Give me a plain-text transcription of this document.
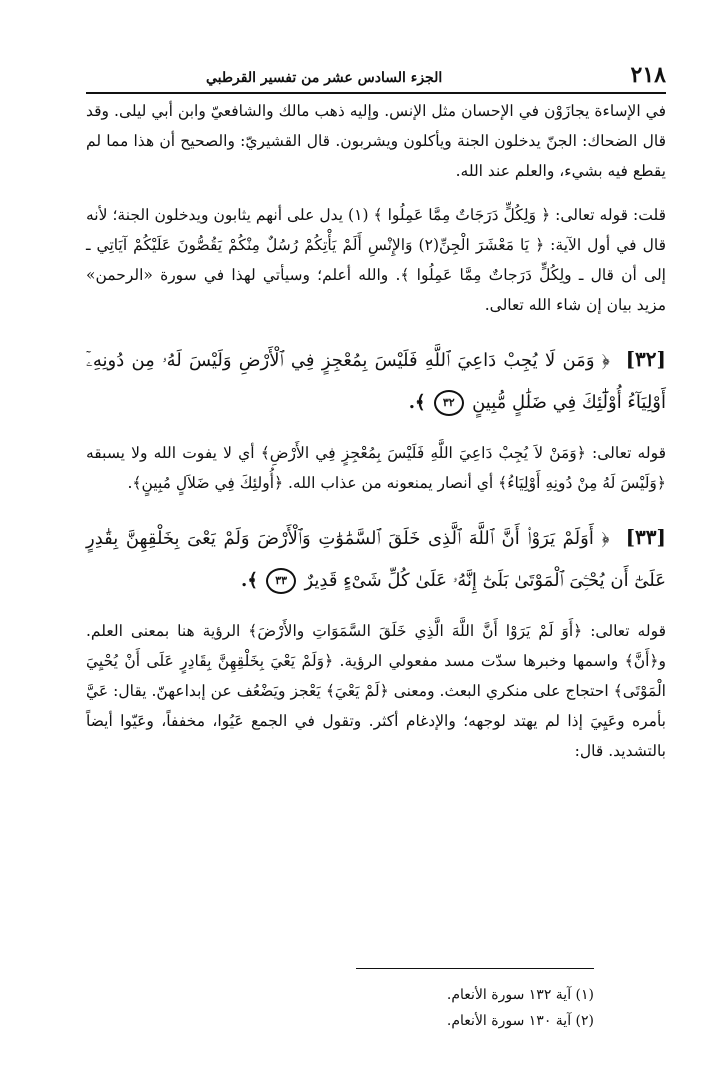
٢١٨
الجزء السادس عشر من تفسير القرطبي

في الإساءة يجازَوْن في الإحسان مثل الإنس. وإليه ذهب مالك والشافعيّ وابن أبي ليلى. وقد قال الضحاك: الجنّ يدخلون الجنة ويأكلون ويشربون. قال القشيريّ: والصحيح أن هذا مما لم يقطع فيه بشيء، والعلم عند الله.

قلت: قوله تعالى: ﴿ وَلِكُلٍّ دَرَجَاتٌ مِمَّا عَمِلُوا ﴾ (١) يدل على أنهم يثابون ويدخلون الجنة؛ لأنه قال في أول الآية: ﴿ يَا مَعْشَرَ الْجِنِّ(٢) وَالإِنْسِ أَلَمْ يَأْتِكُمْ رُسُلٌ مِنْكُمْ يَقُصُّونَ عَلَيْكُمْ آيَاتِي ـ إلى أن قال ـ ولِكُلٍّ دَرَجاتٌ مِمَّا عَمِلُوا ﴾. والله أعلم؛ وسيأتي لهذا في سورة «الرحمن» مزيد بيان إن شاء الله تعالى.

[٣٢] ﴿ وَمَن لَا يُجِبْ دَاعِيَ ٱللَّهِ فَلَيْسَ بِمُعْجِزٍ فِي ٱلْأَرْضِ وَلَيْسَ لَهُۥ مِن دُونِهِۦٓ أَوْلِيَآءُ أُوْلَٰٓئِكَ فِي ضَلَٰلٍ مُّبِينٍ ٣٢ ﴾.

قوله تعالى: ﴿وَمَنْ لاَ يُجِبْ دَاعِيَ اللَّهِ فَلَيْسَ بِمُعْجِزٍ فِي الأَرْضِ﴾ أي لا يفوت الله ولا يسبقه ﴿وَلَيْسَ لَهُ مِنْ دُونِهِ أَوْلِيَاءُ﴾ أي أنصار يمنعونه من عذاب الله. ﴿أُولئِكَ فِي ضَلاَلٍ مُبِينٍ﴾.

[٣٣] ﴿ أَوَلَمْ يَرَوْا۟ أَنَّ ٱللَّهَ ٱلَّذِى خَلَقَ ٱلسَّمَٰوَٰتِ وَٱلْأَرْضَ وَلَمْ يَعْىَ بِخَلْقِهِنَّ بِقَٰدِرٍ عَلَىٰٓ أَن يُحْـِۧىَ ٱلْمَوْتَىٰ بَلَىٰٓ إِنَّهُۥ عَلَىٰ كُلِّ شَىْءٍ قَدِيرٌ ٣٣ ﴾.

قوله تعالى: ﴿أَوَ لَمْ يَرَوْا أَنَّ اللَّهَ الَّذِي خَلَقَ السَّمَوَاتِ والأَرْضَ﴾ الرؤية هنا بمعنى العلم. و﴿أَنَّ﴾ واسمها وخبرها سدّت مسد مفعولي الرؤية. ﴿وَلَمْ يَعْيَ بِخَلْقِهِنَّ بِقَادِرٍ عَلَى أَنْ يُحْيِيَ الْمَوْتَى﴾ احتجاج على منكري البعث. ومعنى ﴿لَمْ يَعْيَ﴾ يَعْجز ويَضْعُف عن إبداعهنّ. يقال: عَيَّ بأمره وعَيِيَ إذا لم يهتد لوجهه؛ والإدغام أكثر. وتقول في الجمع عَيُوا، مخففاً، وعَيّوا أيضاً بالتشديد. قال:

(١) آية ١٣٢ سورة الأنعام.

(٢) آية ١٣٠ سورة الأنعام.
